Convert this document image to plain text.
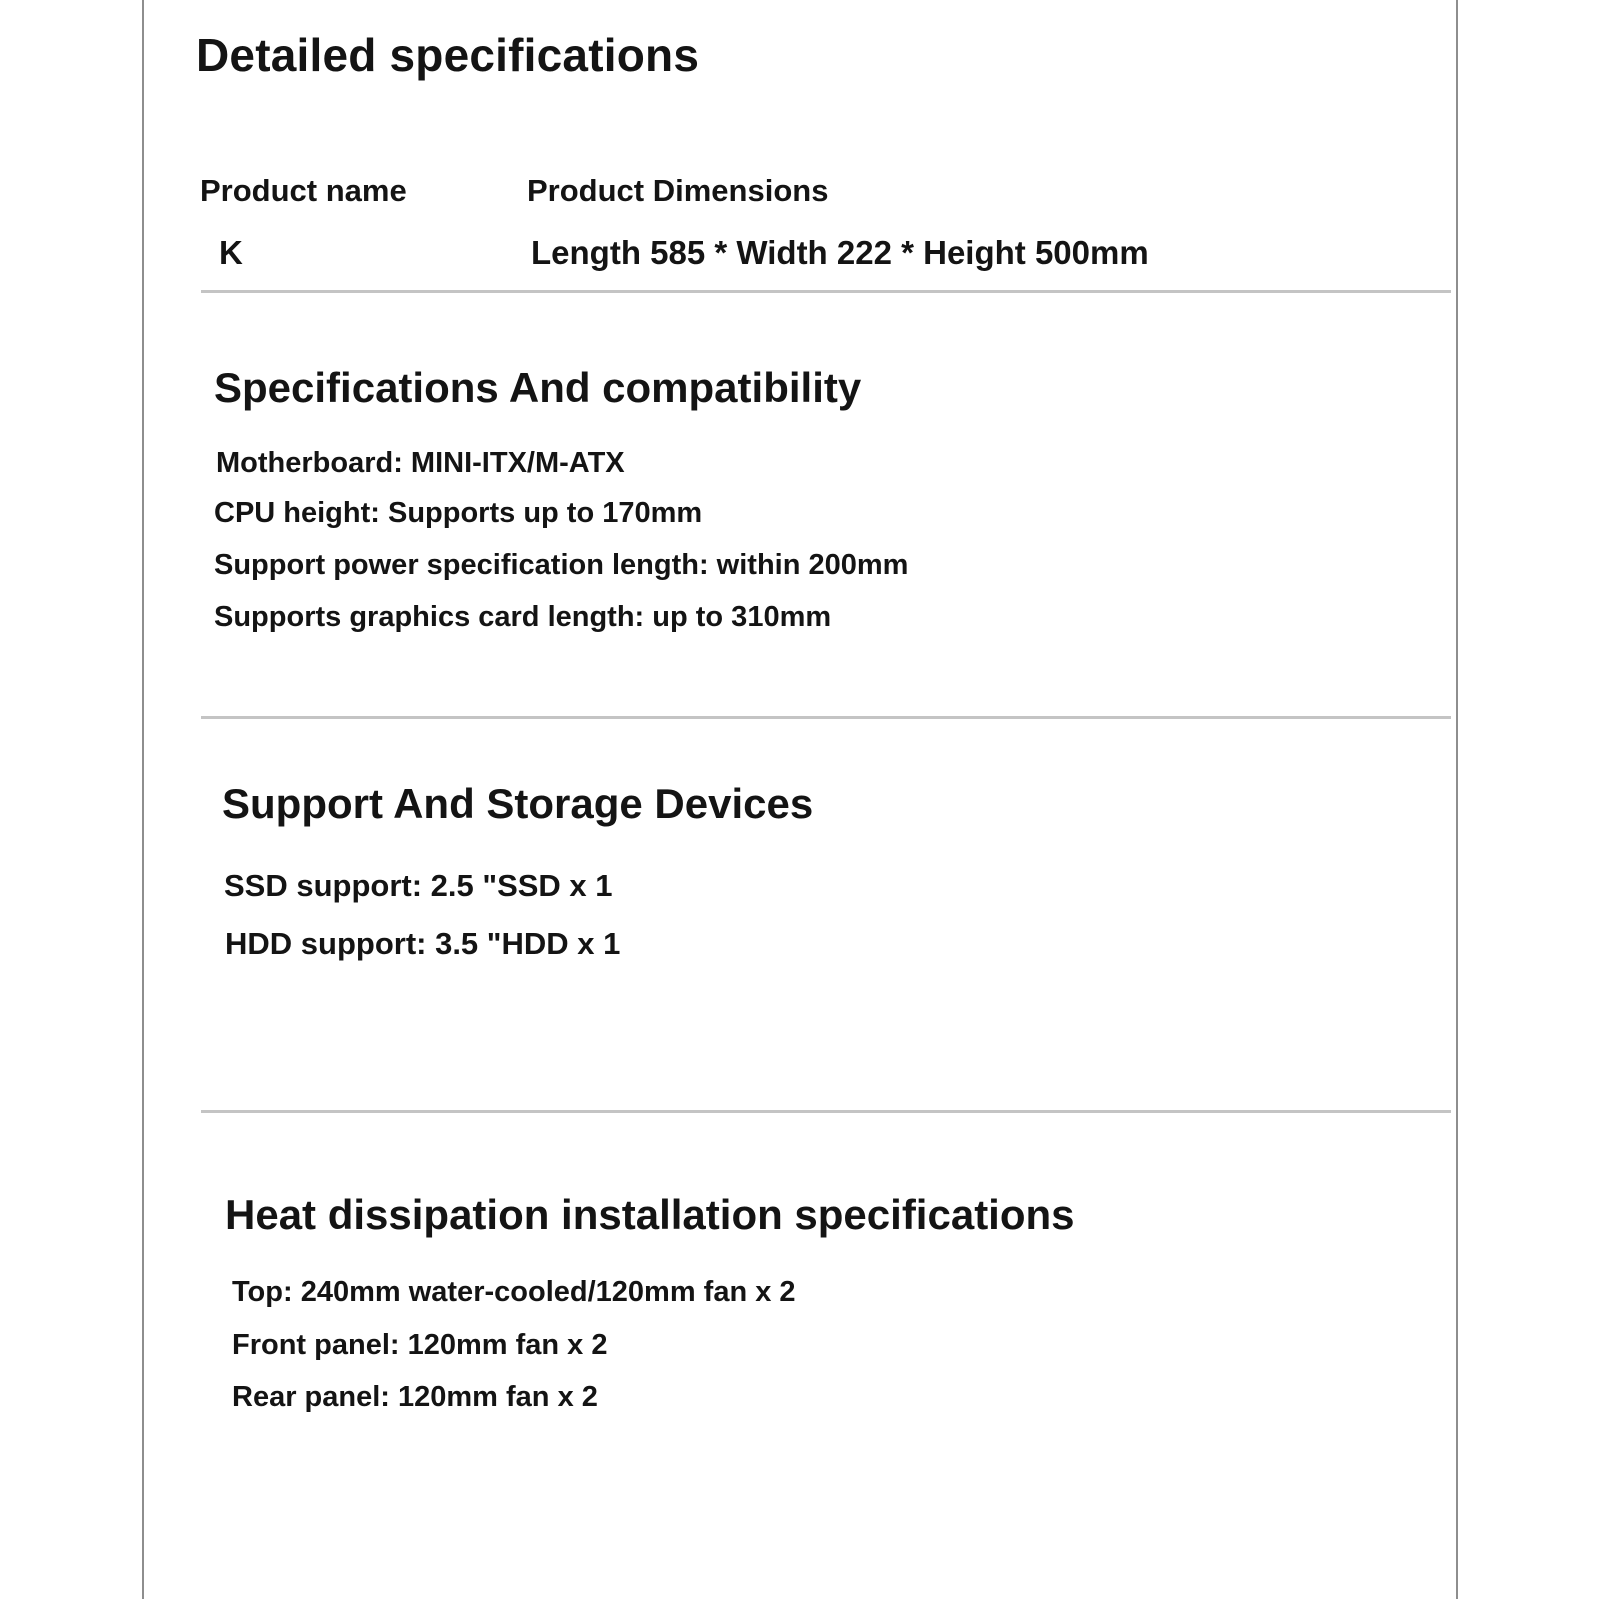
Detailed specifications
Product name	Product Dimensions
K	Length 585 * Width 222 * Height 500mm
Specifications And compatibility
Motherboard: MINI-ITX/M-ATX
CPU height: Supports up to 170mm
Support power specification length: within 200mm
Supports graphics card length: up to 310mm
Support And Storage Devices
SSD support: 2.5 "SSD x 1
HDD support: 3.5 "HDD x 1
Heat dissipation installation specifications
Top: 240mm water-cooled/120mm fan x 2
Front panel: 120mm fan x 2
Rear panel: 120mm fan x 2
